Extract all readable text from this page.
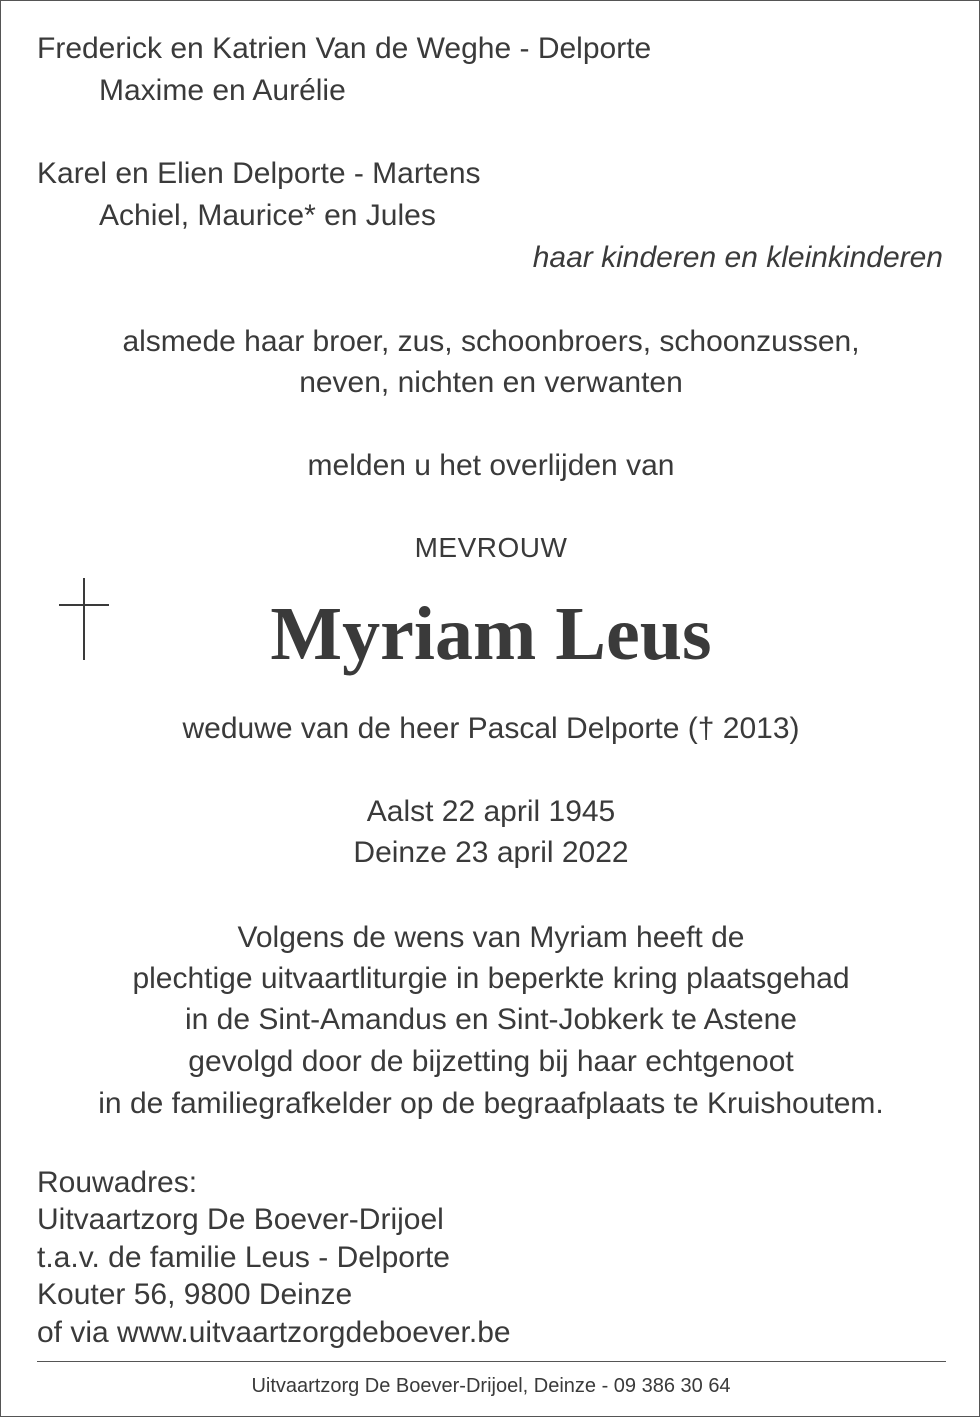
Frederick en Katrien Van de Weghe - Delporte
Maxime en Aurélie
Karel en Elien Delporte - Martens
Achiel, Maurice* en Jules
haar kinderen en kleinkinderen
alsmede haar broer, zus, schoonbroers, schoonzussen,
neven, nichten en verwanten
melden u het overlijden van
MEVROUW
Myriam Leus
weduwe van de heer Pascal Delporte († 2013)
Aalst 22 april 1945
Deinze 23 april 2022
Volgens de wens van Myriam heeft de
plechtige uitvaartliturgie in beperkte kring plaatsgehad
in de Sint-Amandus en Sint-Jobkerk te Astene
gevolgd door de bijzetting bij haar echtgenoot
in de familiegrafkelder op de begraafplaats te Kruishoutem.
Rouwadres:
Uitvaartzorg De Boever-Drijoel
t.a.v. de familie Leus - Delporte
Kouter 56, 9800 Deinze
of via www.uitvaartzorgdeboever.be
Uitvaartzorg De Boever-Drijoel, Deinze - 09 386 30 64
